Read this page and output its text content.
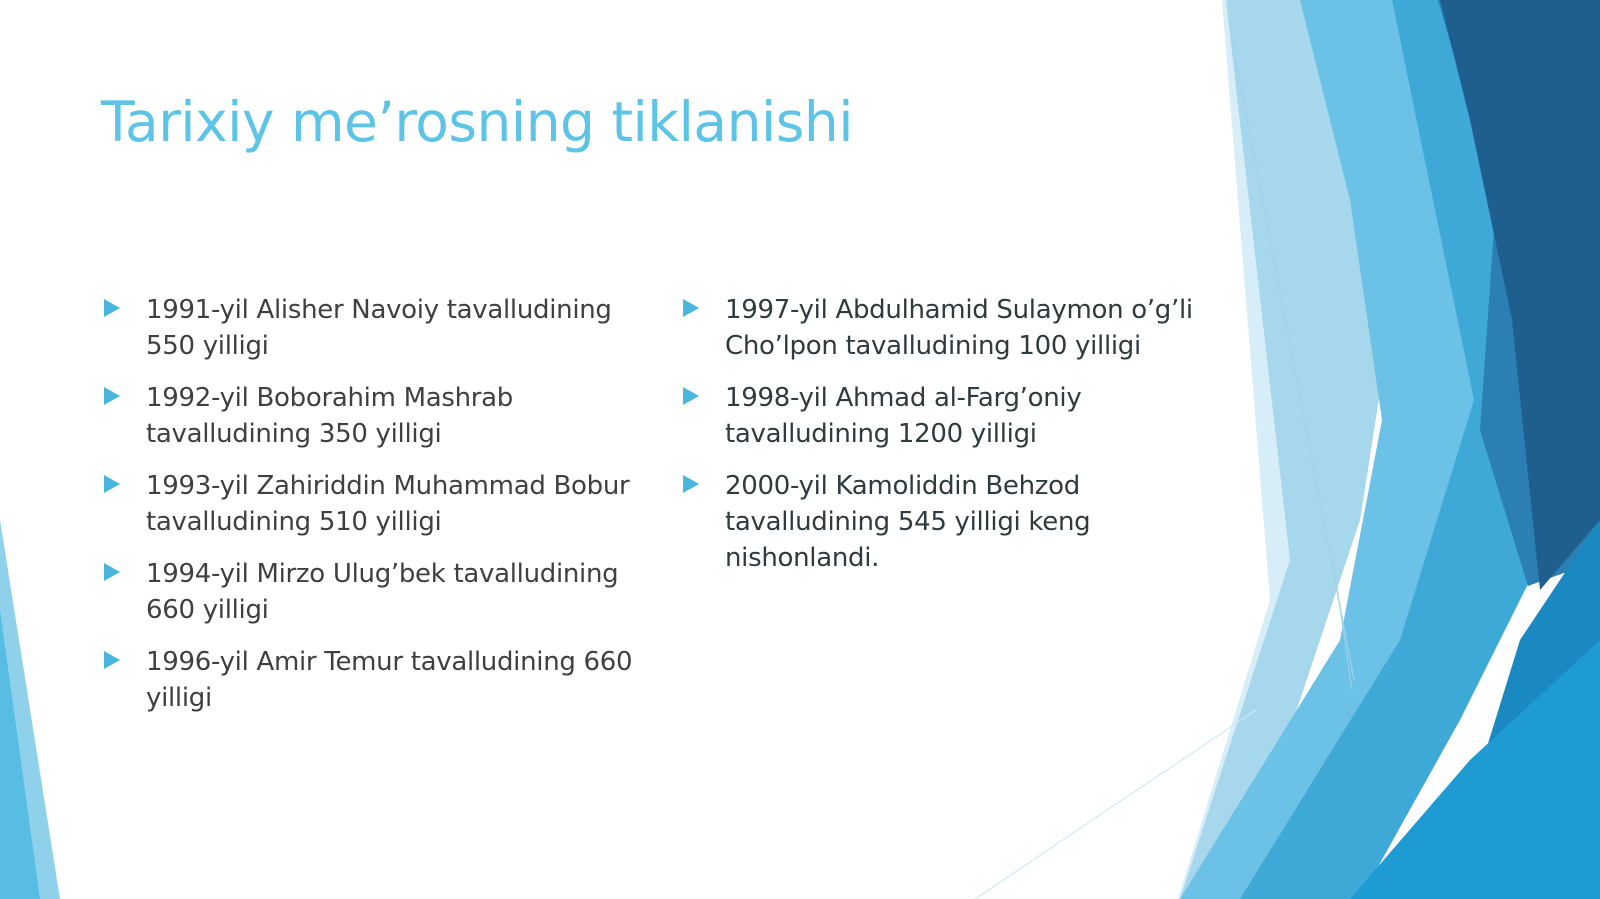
Tarixiy me’rosning tiklanishi
1991-yil Alisher Navoiy tavalludining 550 yilligi
1992-yil Boborahim Mashrab tavalludining 350 yilligi
1993-yil Zahiriddin Muhammad Bobur tavalludining 510 yilligi
1994-yil Mirzo Ulug’bek tavalludining 660 yilligi
1996-yil Amir Temur tavalludining 660 yilligi
1997-yil Abdulhamid Sulaymon o’g’li Cho’lpon tavalludining 100 yilligi
1998-yil Ahmad al-Farg’oniy tavalludining 1200 yilligi
2000-yil Kamoliddin Behzod tavalludining 545 yilligi keng nishonlandi.
